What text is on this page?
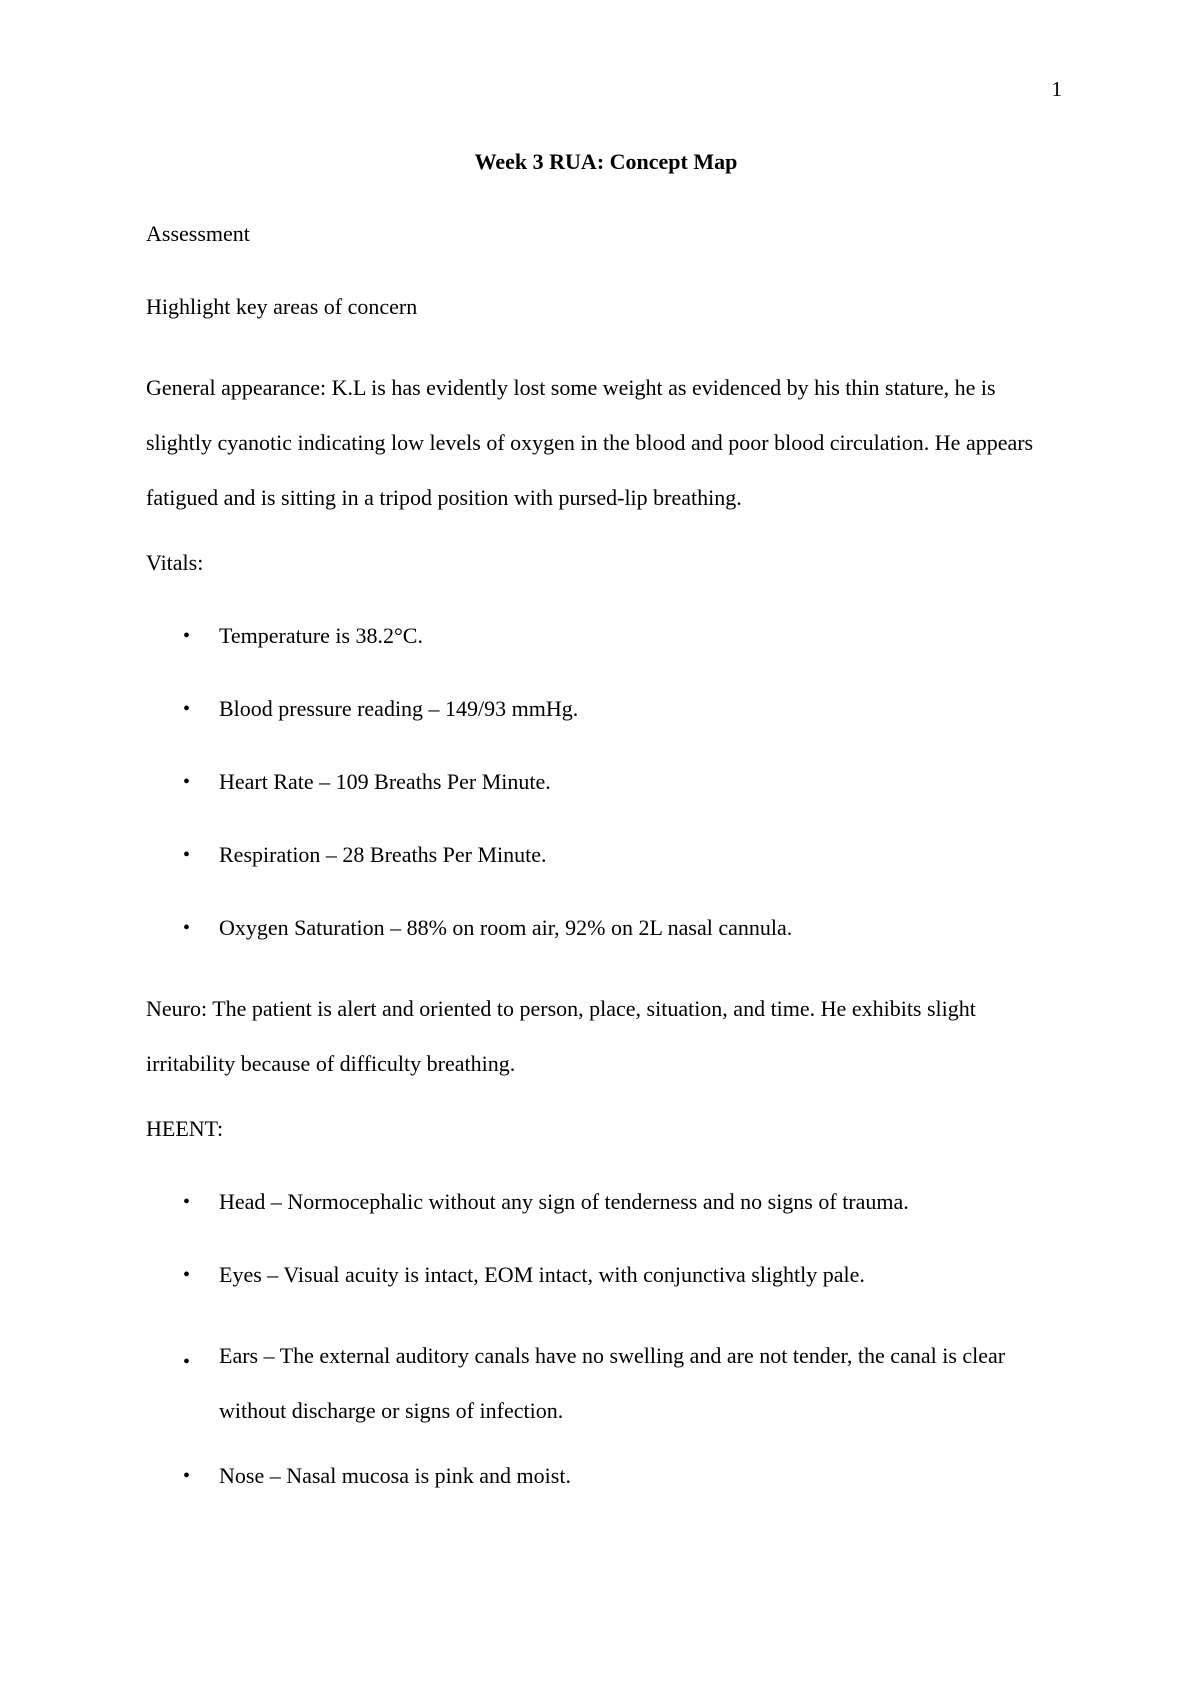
1
Week 3 RUA: Concept Map

Assessment

Highlight key areas of concern

General appearance: K.L is has evidently lost some weight as evidenced by his thin stature, he is slightly cyanotic indicating low levels of oxygen in the blood and poor blood circulation. He appears fatigued and is sitting in a tripod position with pursed-lip breathing.

Vitals:

• Temperature is 38.2°C.
• Blood pressure reading – 149/93 mmHg.
• Heart Rate – 109 Breaths Per Minute.
• Respiration – 28 Breaths Per Minute.
• Oxygen Saturation – 88% on room air, 92% on 2L nasal cannula.

Neuro: The patient is alert and oriented to person, place, situation, and time. He exhibits slight irritability because of difficulty breathing.

HEENT:

• Head – Normocephalic without any sign of tenderness and no signs of trauma.
• Eyes – Visual acuity is intact, EOM intact, with conjunctiva slightly pale.
• Ears – The external auditory canals have no swelling and are not tender, the canal is clear without discharge or signs of infection.
• Nose – Nasal mucosa is pink and moist.
